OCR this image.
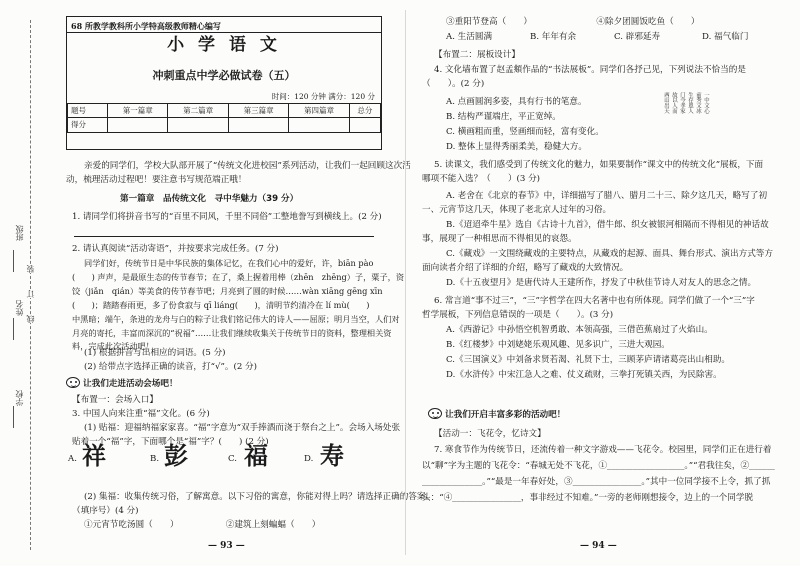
班级
姓名
学校
装
订
线
68 所教学教科所小学特高级教师精心编写
小 学 语 文
冲刺重点中学必做试卷（五）
时间：120 分钟 满分：120 分
题号	第一篇章	第二篇章	第三篇章	第四篇章	总分
得分					
亲爱的同学们，学校大队部开展了“传统文化进校园”系列活动，让我们一起回顾这次活
动，梳理活动过程吧！要注意书写规范端正哦！
第一篇章　品传统文化　寻中华魅力（39 分）
1. 请同学们将拼音书写的“百里不同风，千里不同俗”工整地誊写到横线上。(2 分)
2. 请认真阅读“活动寄语”，并按要求完成任务。(7 分)
同学们好，传统节日是中华民族的集体记忆，在我们心中的爱好，许，biān pào
(　　) 声声，是最原生态的传节春节；在了，桑上握着用棒（zhēn　zhēng）子，粟子，资
饺（jiǎn　qián）等美食的传节春节吧；月亮到了圆的时候……wàn xiāng gēng xīn
(　　)；踏踏春雨更，多了份食寂与 qī liáng(　　)，清明节约清冷在 lí mù(　　)
中黑暗；端午，条进的龙舟与白的粽子让我们铭记伟大的诗人——屈原；明月当空，人们对
月亮的寄托，丰富而深沉的“祝福”……让我们继续收集关于传统节日的资料，整理相关资料，完成此次活动吧！
(1) 根据拼音写出相应的词语。(5 分)
(2) 给带点字选择正确的读音，打“√”。(2 分)
让我们走进活动会场吧！
【布置一：会场入口】
3. 中国人向来注重“福”文化。(6 分)
(1) 贴福：迎福纳福家家喜。“福”字意为“双手捧酒而浇于祭台之上”。会场入场处张
贴着一个“福”字，下面哪个是“福”字？(　　) (2 分)
A. 祥	B. 彭	C. 福	D. 寿
(2) 集福：收集传统习俗，了解寓意。以下习俗的寓意，你能对得上吗？请选择正确的答案。
（填序号）(4 分)
①元宵节吃汤圆（　　）　　　　　　②建筑上刻蝙蝠（　　）
— 93 —
③重阳节登高（　　）　　　　　　　　④除夕团圆饭吃鱼（　　）
A. 生活圆满	B. 年年有余	C. 辟邪延寿	D. 福气临门
【布置二：展板设计】
4. 文化墙布置了赵孟頫作品的“书法展板”。同学们各抒己见，下列说法不恰当的是
（　　）。(2 分)
A. 点画圆润多姿，具有行书的笔意。
B. 结构严谨端庄，平正宽绰。
C. 横画粗而重，竖画细而轻，富有变化。
D. 整体上显得秀丽柔美，稳健大方。
两山出天 故以人而 门今孝家 生存恩人 前秀文冰 一中文心
5. 读课文，我们感受到了传统文化的魅力，如果要制作“课文中的传统文化”展板，下面
哪项不能入选？（　　）(3 分)
A. 老舍在《北京的春节》中，详细描写了腊八、腊月二十三、除夕这几天，略写了初
一、元宵节这几天，体现了老北京人过年的习俗。
B.《迢迢牵牛星》选自《古诗十九首》，借牛郎、织女被银河相隔而不得相见的神话故
事，展现了一种相思而不得相见的哀怨。
C.《藏戏》一文围绕藏戏的主要特点，从藏戏的起源、面具、舞台形式、演出方式等方
面向读者介绍了详细的介绍，略写了藏戏的大致情况。
D.《十五夜望月》是唐代诗人王建所作，抒发了中秋佳节诗人对友人的思念之情。
6. 常言道“事不过三”，“三”字哲学在四大名著中也有所体现。同学们做了一个“三”字
哲学展板，下列信息错误的一项是（　　）。(3 分)
A.《西游记》中孙悟空机智勇敢、本领高强，三借芭蕉扇过了火焰山。
B.《红楼梦》中刘姥姥乐观风趣、见多识广，三进大观园。
C.《三国演义》中刘备求贤若渴、礼贤下士，三顾茅庐请诸葛亮出山相助。
D.《水浒传》中宋江急人之难、仗义疏财，三拳打死镇关西，为民除害。
让我们开启丰富多彩的活动吧！
【活动一：飞花令，忆诗文】
7. 寒食节作为传统节日，还流传着一种文字游戏——飞花令。校园里，同学们正在进行着
以“聊”字为主题的飞花令：“春城无处不飞花，①__________________。”“君我往矣，②______
______________。”“最是一年春好处，③________________。”其中一位同学接不上令，抓了抓
头：“④________________，事非经过不知难。”一旁的老师刚想接令，边上的一个同学脱
— 94 —
